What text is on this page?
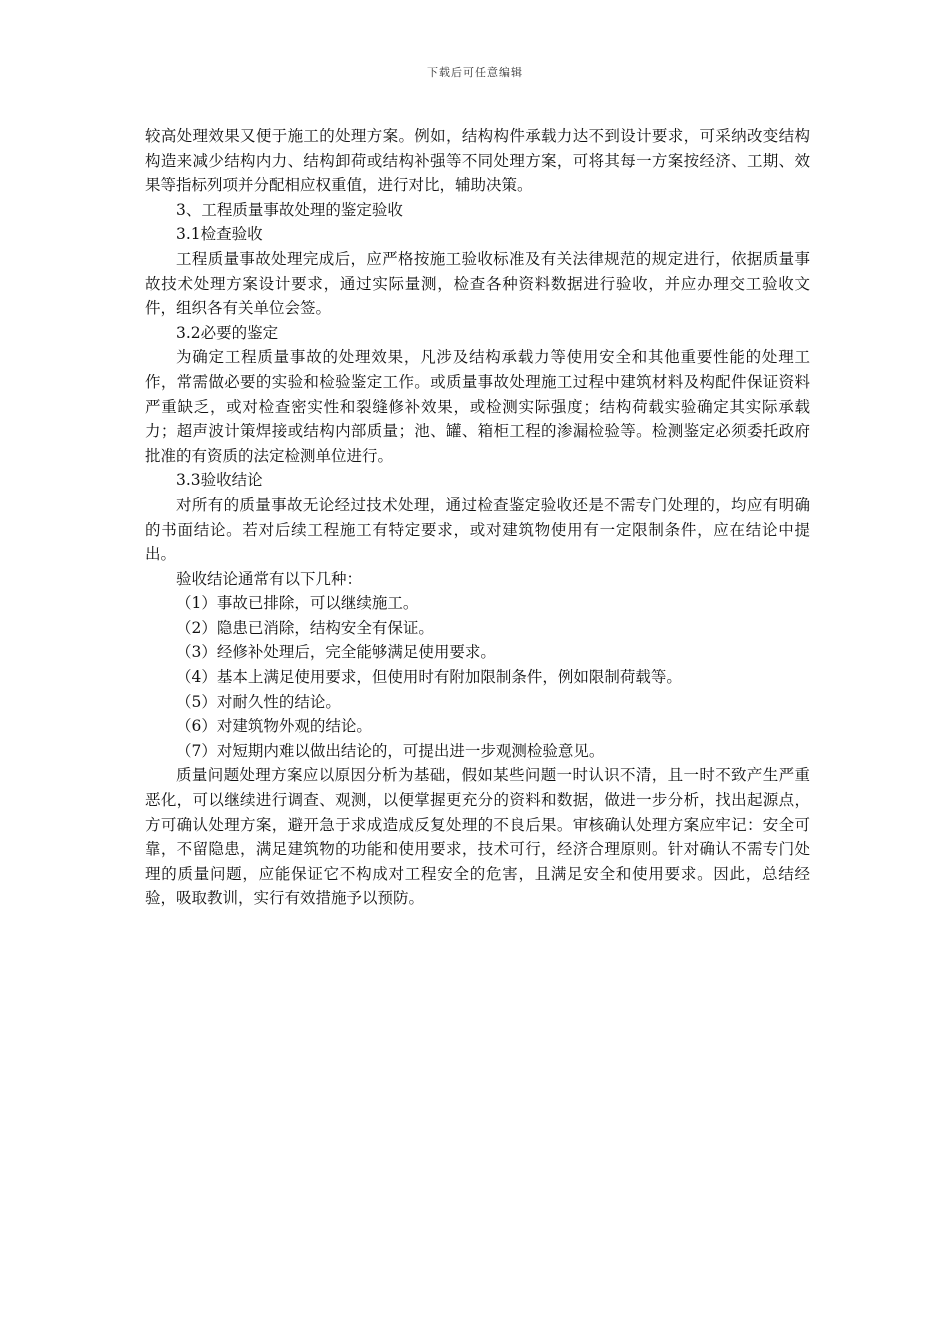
下载后可任意编辑

较高处理效果又便于施工的处理方案。例如，结构构件承载力达不到设计要求，可采纳改变结构构造来减少结构内力、结构卸荷或结构补强等不同处理方案，可将其每一方案按经济、工期、效果等指标列项并分配相应权重值，进行对比，辅助决策。

3、工程质量事故处理的鉴定验收

3.1检查验收

工程质量事故处理完成后，应严格按施工验收标准及有关法律规范的规定进行，依据质量事故技术处理方案设计要求，通过实际量测，检查各种资料数据进行验收，并应办理交工验收文件，组织各有关单位会签。

3.2必要的鉴定

为确定工程质量事故的处理效果，凡涉及结构承载力等使用安全和其他重要性能的处理工作，常需做必要的实验和检验鉴定工作。或质量事故处理施工过程中建筑材料及构配件保证资料严重缺乏，或对检查密实性和裂缝修补效果，或检测实际强度；结构荷载实验确定其实际承载力；超声波计策焊接或结构内部质量；池、罐、箱柜工程的渗漏检验等。检测鉴定必须委托政府批准的有资质的法定检测单位进行。

3.3验收结论

对所有的质量事故无论经过技术处理，通过检查鉴定验收还是不需专门处理的，均应有明确的书面结论。若对后续工程施工有特定要求，或对建筑物使用有一定限制条件，应在结论中提出。

验收结论通常有以下几种：

（1）事故已排除，可以继续施工。

（2）隐患已消除，结构安全有保证。

（3）经修补处理后，完全能够满足使用要求。

（4）基本上满足使用要求，但使用时有附加限制条件，例如限制荷载等。

（5）对耐久性的结论。

（6）对建筑物外观的结论。

（7）对短期内难以做出结论的，可提出进一步观测检验意见。

质量问题处理方案应以原因分析为基础，假如某些问题一时认识不清，且一时不致产生严重恶化，可以继续进行调查、观测，以便掌握更充分的资料和数据，做进一步分析，找出起源点，方可确认处理方案，避开急于求成造成反复处理的不良后果。审核确认处理方案应牢记：安全可靠，不留隐患，满足建筑物的功能和使用要求，技术可行，经济合理原则。针对确认不需专门处理的质量问题，应能保证它不构成对工程安全的危害，且满足安全和使用要求。因此，总结经验，吸取教训，实行有效措施予以预防。
